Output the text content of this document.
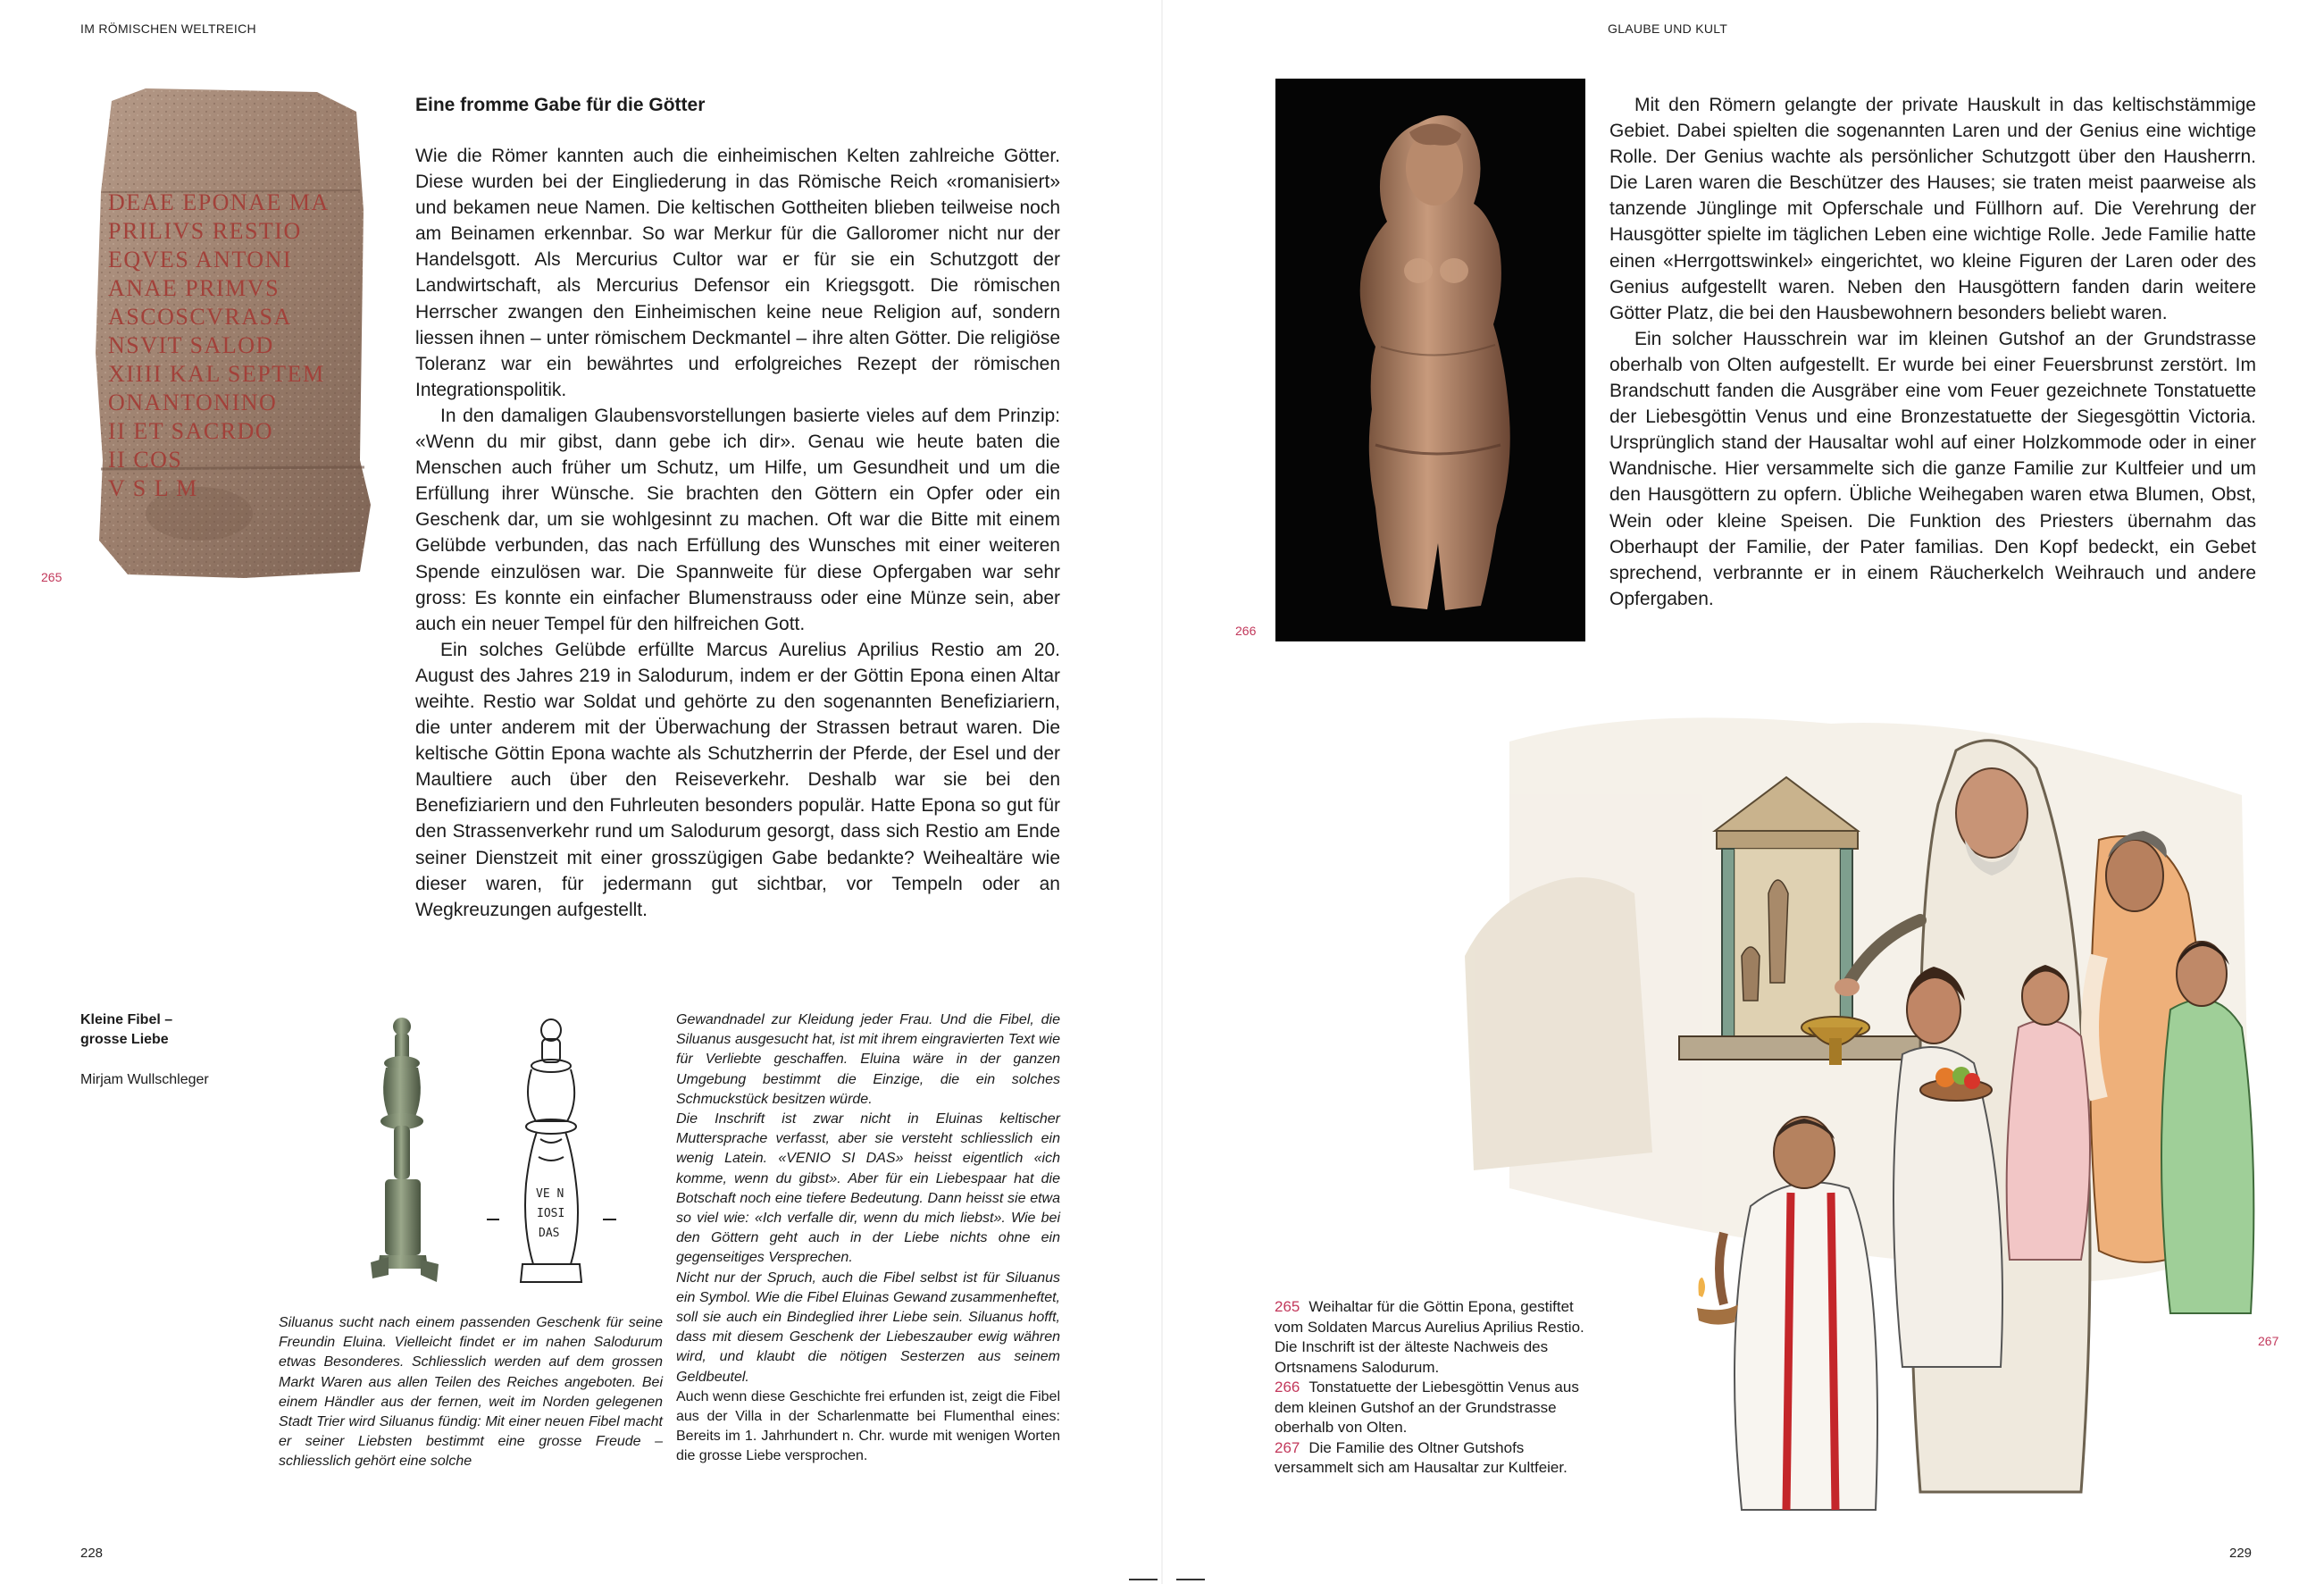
IM RÖMISCHEN WELTREICH	GLAUBE UND KULT
DEAE EPONAE MA
PRILIVS RESTIO
EQVES ANTONI
ANAE PRIMVS
ASCOSCVRASA
NSVIT SALOD
XIIII KAL SEPTEM
ONANTONINO
II ET SACRDO
II COS
V S L M
265
Eine fromme Gabe für die Götter

Wie die Römer kannten auch die einheimischen Kelten zahlreiche Götter. Diese wurden bei der Eingliederung in das Römische Reich «romanisiert» und bekamen neue Namen. Die keltischen Gottheiten blieben teilweise noch am Beinamen erkennbar. So war Merkur für die Galloromer nicht nur der Handelsgott. Als Mercurius Cultor war er für sie ein Schutzgott der Landwirtschaft, als Mercurius Defensor ein Kriegsgott. Die römischen Herrscher zwangen den Einheimischen keine neue Religion auf, sondern liessen ihnen – unter römischem Deckmantel – ihre alten Götter. Die religiöse Toleranz war ein bewährtes und erfolgreiches Rezept der römischen Integrationspolitik.

In den damaligen Glaubensvorstellungen basierte vieles auf dem Prinzip: «Wenn du mir gibst, dann gebe ich dir». Genau wie heute baten die Menschen auch früher um Schutz, um Hilfe, um Gesundheit und um die Erfüllung ihrer Wünsche. Sie brachten den Göttern ein Opfer oder ein Geschenk dar, um sie wohlgesinnt zu machen. Oft war die Bitte mit einem Gelübde verbunden, das nach Erfüllung des Wunsches mit einer weiteren Spende einzulösen war. Die Spannweite für diese Opfergaben war sehr gross: Es konnte ein einfacher Blumenstrauss oder eine Münze sein, aber auch ein neuer Tempel für den hilfreichen Gott.

Ein solches Gelübde erfüllte Marcus Aurelius Aprilius Restio am 20. August des Jahres 219 in Salodurum, indem er der Göttin Epona einen Altar weihte. Restio war Soldat und gehörte zu den sogenannten Benefiziariern, die unter anderem mit der Überwachung der Strassen betraut waren. Die keltische Göttin Epona wachte als Schutzherrin der Pferde, der Esel und der Maultiere auch über den Reiseverkehr. Deshalb war sie bei den Benefiziariern und den Fuhrleuten besonders populär. Hatte Epona so gut für den Strassenverkehr rund um Salodurum gesorgt, dass sich Restio am Ende seiner Dienstzeit mit einer grosszügigen Gabe bedankte? Weihealtäre wie dieser waren, für jedermann gut sichtbar, vor Tempeln oder an Wegkreuzungen aufgestellt.

Kleine Fibel –
grosse Liebe
Mirjam Wullschleger
VE N
IOSI
DAS

Siluanus sucht nach einem passenden Geschenk für seine Freundin Eluina. Vielleicht findet er im nahen Salodurum etwas Besonderes. Schliesslich werden auf dem grossen Markt Waren aus allen Teilen des Reiches angeboten. Bei einem Händler aus der fernen, weit im Norden gelegenen Stadt Trier wird Siluanus fündig: Mit einer neuen Fibel macht er seiner Liebsten bestimmt eine grosse Freude – schliesslich gehört eine solche

Gewandnadel zur Kleidung jeder Frau. Und die Fibel, die Siluanus ausgesucht hat, ist mit ihrem eingravierten Text wie für Verliebte geschaffen. Eluina wäre in der ganzen Umgebung bestimmt die Einzige, die ein solches Schmuckstück besitzen würde.

Die Inschrift ist zwar nicht in Eluinas keltischer Muttersprache verfasst, aber sie versteht schliesslich ein wenig Latein. «VENIO SI DAS» heisst eigentlich «ich komme, wenn du gibst». Aber für ein Liebespaar hat die Botschaft noch eine tiefere Bedeutung. Dann heisst sie etwa so viel wie: «Ich verfalle dir, wenn du mich liebst». Wie bei den Göttern geht auch in der Liebe nichts ohne ein gegenseitiges Versprechen.

Nicht nur der Spruch, auch die Fibel selbst ist für Siluanus ein Symbol. Wie die Fibel Eluinas Gewand zusammenheftet, soll sie auch ein Bindeglied ihrer Liebe sein. Siluanus hofft, dass mit diesem Geschenk der Liebeszauber ewig währen wird, und klaubt die nötigen Sesterzen aus seinem Geldbeutel.

Auch wenn diese Geschichte frei erfunden ist, zeigt die Fibel aus der Villa in der Scharlenmatte bei Flumenthal eines: Bereits im 1. Jahrhundert n. Chr. wurde mit wenigen Worten die grosse Liebe versprochen.

228
266

Mit den Römern gelangte der private Hauskult in das keltischstämmige Gebiet. Dabei spielten die sogenannten Laren und der Genius eine wichtige Rolle. Der Genius wachte als persönlicher Schutzgott über den Hausherrn. Die Laren waren die Beschützer des Hauses; sie traten meist paarweise als tanzende Jünglinge mit Opferschale und Füllhorn auf. Die Verehrung der Hausgötter spielte im täglichen Leben eine wichtige Rolle. Jede Familie hatte einen «Herrgottswinkel» eingerichtet, wo kleine Figuren der Laren oder des Genius aufgestellt waren. Neben den Hausgöttern fanden darin weitere Götter Platz, die bei den Hausbewohnern besonders beliebt waren.

Ein solcher Hausschrein war im kleinen Gutshof an der Grundstrasse oberhalb von Olten aufgestellt. Er wurde bei einer Feuersbrunst zerstört. Im Brandschutt fanden die Ausgräber eine vom Feuer gezeichnete Tonstatuette der Liebesgöttin Venus und eine Bronzestatuette der Siegesgöttin Victoria. Ursprünglich stand der Hausaltar wohl auf einer Holzkommode oder in einer Wandnische. Hier versammelte sich die ganze Familie zur Kultfeier und um den Hausgöttern zu opfern. Übliche Weihegaben waren etwa Blumen, Obst, Wein oder kleine Speisen. Die Funktion des Priesters übernahm das Oberhaupt der Familie, der Pater familias. Den Kopf bedeckt, ein Gebet sprechend, verbrannte er in einem Räucherkelch Weihrauch und andere Opfergaben.

267

265 Weihaltar für die Göttin Epona, gestiftet vom Soldaten Marcus Aurelius Aprilius Restio. Die Inschrift ist der älteste Nachweis des Ortsnamens Salodurum.

266 Tonstatuette der Liebesgöttin Venus aus dem kleinen Gutshof an der Grundstrasse oberhalb von Olten.

267 Die Familie des Oltner Gutshofs versammelt sich am Hausaltar zur Kultfeier.

229
